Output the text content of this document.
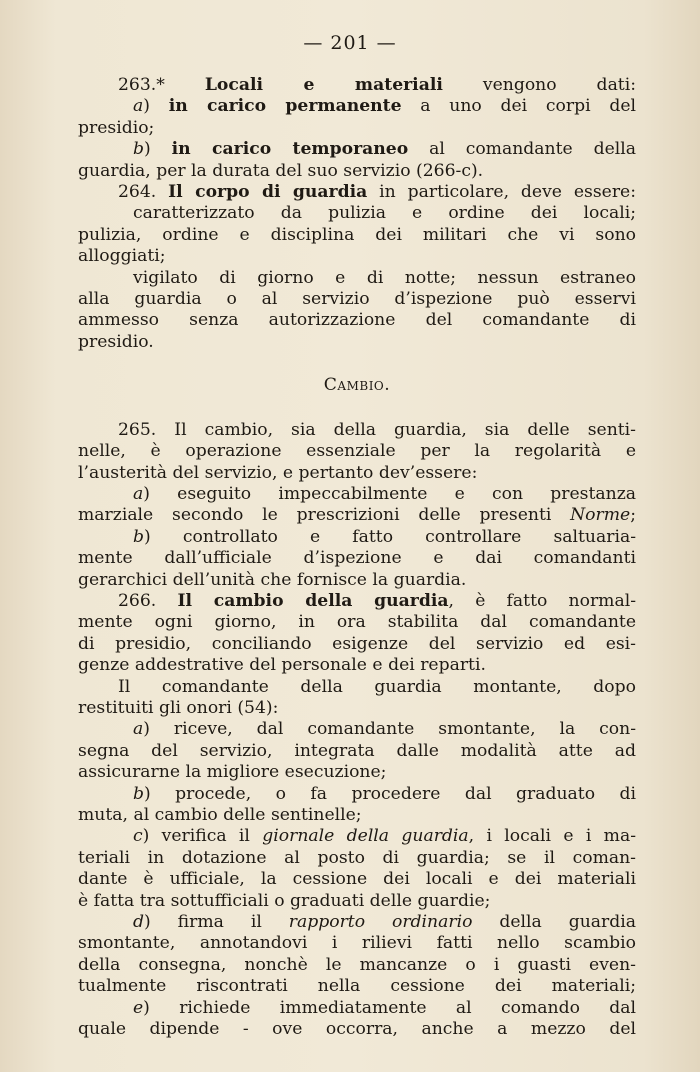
— 201 —
263.* Locali e materiali vengono dati:
a) in carico permanente a uno dei corpi del
presidio;
b) in carico temporaneo al comandante della
guardia, per la durata del suo servizio (266-c).
264. Il corpo di guardia in particolare, deve essere:
caratterizzato da pulizia e ordine dei locali;
pulizia, ordine e disciplina dei militari che vi sono
alloggiati;
vigilato di giorno e di notte; nessun estraneo
alla guardia o al servizio d’ispezione può esservi
ammesso senza autorizzazione del comandante di
presidio.
Cambio.
265. Il cambio, sia della guardia, sia delle senti-
nelle, è operazione essenziale per la regolarità e
l’austerità del servizio, e pertanto dev’essere:
a) eseguito impeccabilmente e con prestanza
marziale secondo le prescrizioni delle presenti Norme;
b) controllato e fatto controllare saltuaria-
mente dall’ufficiale d’ispezione e dai comandanti
gerarchici dell’unità che fornisce la guardia.
266. Il cambio della guardia, è fatto normal-
mente ogni giorno, in ora stabilita dal comandante
di presidio, conciliando esigenze del servizio ed esi-
genze addestrative del personale e dei reparti.
Il comandante della guardia montante, dopo
restituiti gli onori (54):
a) riceve, dal comandante smontante, la con-
segna del servizio, integrata dalle modalità atte ad
assicurarne la migliore esecuzione;
b) procede, o fa procedere dal graduato di
muta, al cambio delle sentinelle;
c) verifica il giornale della guardia, i locali e i ma-
teriali in dotazione al posto di guardia; se il coman-
dante è ufficiale, la cessione dei locali e dei materiali
è fatta tra sottufficiali o graduati delle guardie;
d) firma il rapporto ordinario della guardia
smontante, annotandovi i rilievi fatti nello scambio
della consegna, nonchè le mancanze o i guasti even-
tualmente riscontrati nella cessione dei materiali;
e) richiede immediatamente al comando dal
quale dipende - ove occorra, anche a mezzo del
